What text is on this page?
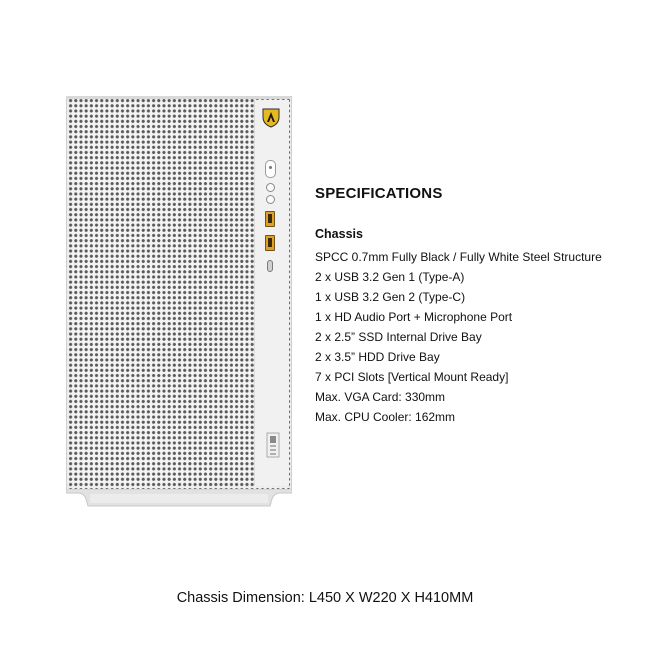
SPECIFICATIONS
Chassis
SPCC 0.7mm Fully Black / Fully White Steel Structure
2 x USB 3.2 Gen 1 (Type-A)
1 x USB 3.2 Gen 2 (Type-C)
1 x HD Audio Port + Microphone Port
2 x 2.5” SSD Internal Drive Bay
2 x 3.5” HDD Drive Bay
7 x PCI Slots [Vertical Mount Ready]
Max. VGA Card: 330mm
Max. CPU Cooler: 162mm

Chassis Dimension: L450 X W220 X H410MM
